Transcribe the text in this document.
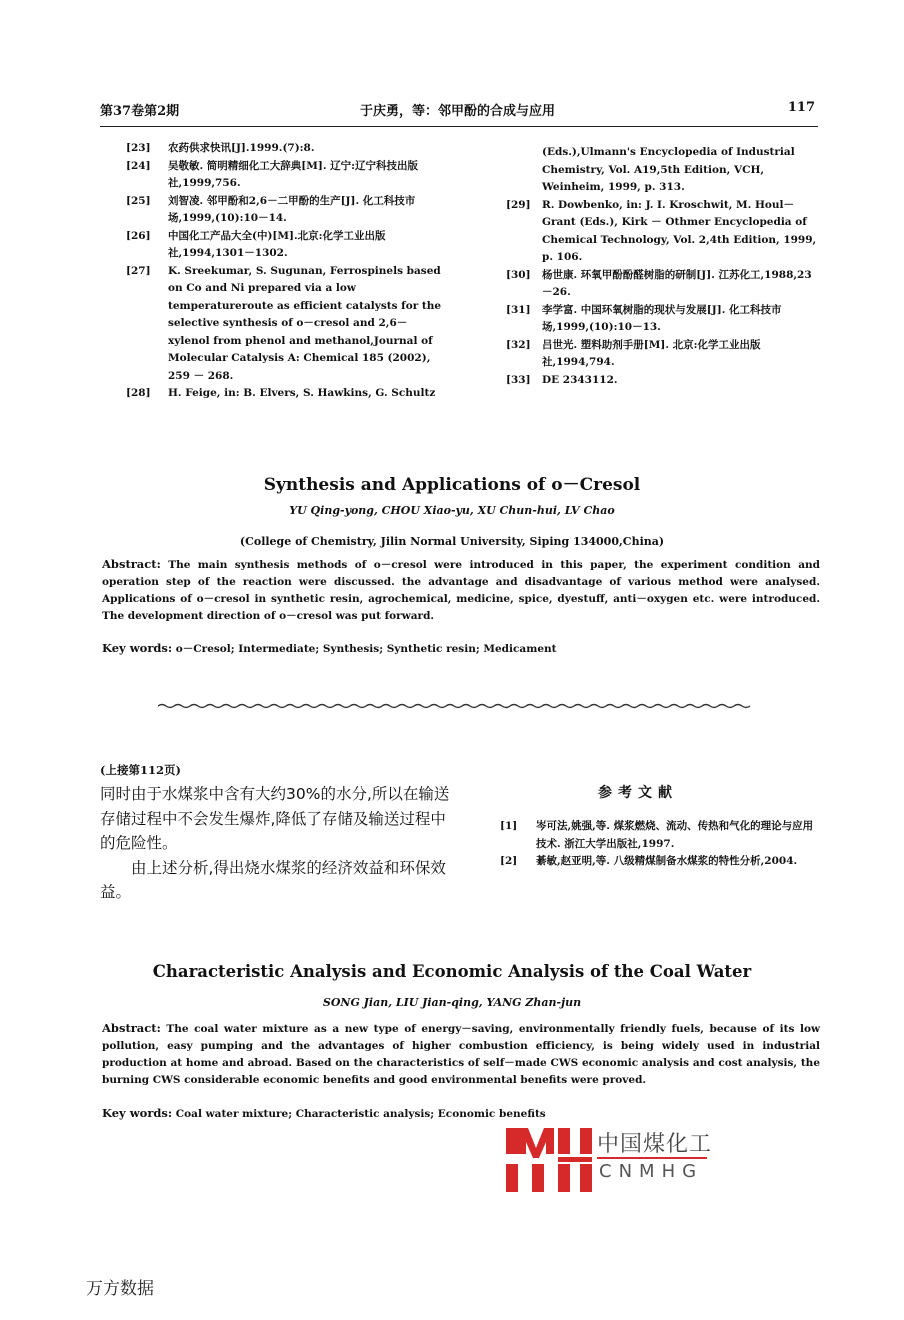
第37卷第2期	于庆勇，等：邻甲酚的合成与应用	117
[23] 农药供求快讯[J].1999.(7):8.
[24] 吴敬敏. 简明精细化工大辞典[M]. 辽宁:辽宁科技出版社,1999,756.
[25] 刘智凌. 邻甲酚和2,6－二甲酚的生产[J]. 化工科技市场,1999,(10):10－14.
[26] 中国化工产品大全(中)[M].北京:化学工业出版社,1994,1301－1302.
[27] K. Sreekumar, S. Sugunan, Ferrospinels based on Co and Ni prepared via a low temperatureroute as efficient catalysts for the selective synthesis of o－cresol and 2,6－xylenol from phenol and methanol,Journal of Molecular Catalysis A: Chemical 185 (2002), 259 － 268.
[28] H. Feige, in: B. Elvers, S. Hawkins, G. Schultz
(Eds.),Ulmann's Encyclopedia of Industrial Chemistry, Vol. A19,5th Edition, VCH, Weinheim, 1999, p. 313.
[29] R. Dowbenko, in: J. I. Kroschwit, M. Houl－Grant (Eds.), Kirk － Othmer Encyclopedia of Chemical Technology, Vol. 2,4th Edition, 1999, p. 106.
[30] 杨世康. 环氧甲酚酚醛树脂的研制[J]. 江苏化工,1988,23－26.
[31] 李学富. 中国环氧树脂的现状与发展[J]. 化工科技市场,1999,(10):10－13.
[32] 吕世光. 塑料助剂手册[M]. 北京:化学工业出版社,1994,794.
[33] DE 2343112.
Synthesis and Applications of o－Cresol
YU Qing-yong, CHOU Xiao-yu, XU Chun-hui, LV Chao
(College of Chemistry, Jilin Normal University, Siping 134000,China)
Abstract: The main synthesis methods of o－cresol were introduced in this paper, the experiment condition and operation step of the reaction were discussed. the advantage and disadvantage of various method were analysed. Applications of o－cresol in synthetic resin, agrochemical, medicine, spice, dyestuff, anti－oxygen etc. were introduced. The development direction of o－cresol was put forward.
Key words: o－Cresol; Intermediate; Synthesis; Synthetic resin; Medicament
(上接第112页)

同时由于水煤浆中含有大约30%的水分,所以在输送存储过程中不会发生爆炸,降低了存储及输送过程中的危险性。

由上述分析,得出烧水煤浆的经济效益和环保效益。

参考文献
[1] 岑可法,姚强,等. 煤浆燃烧、流动、传热和气化的理论与应用技术. 浙江大学出版社,1997.
[2] 綦敏,赵亚明,等. 八级精煤制备水煤浆的特性分析,2004.
Characteristic Analysis and Economic Analysis of the Coal Water
SONG Jian, LIU Jian-qing, YANG Zhan-jun
Abstract: The coal water mixture as a new type of energy－saving, environmentally friendly fuels, because of its low pollution, easy pumping and the advantages of higher combustion efficiency, is being widely used in industrial production at home and abroad. Based on the characteristics of self－made CWS economic analysis and cost analysis, the burning CWS considerable economic benefits and good environmental benefits were proved.
Key words: Coal water mixture; Characteristic analysis; Economic benefits
中国煤化工
CNMHG
万方数据
